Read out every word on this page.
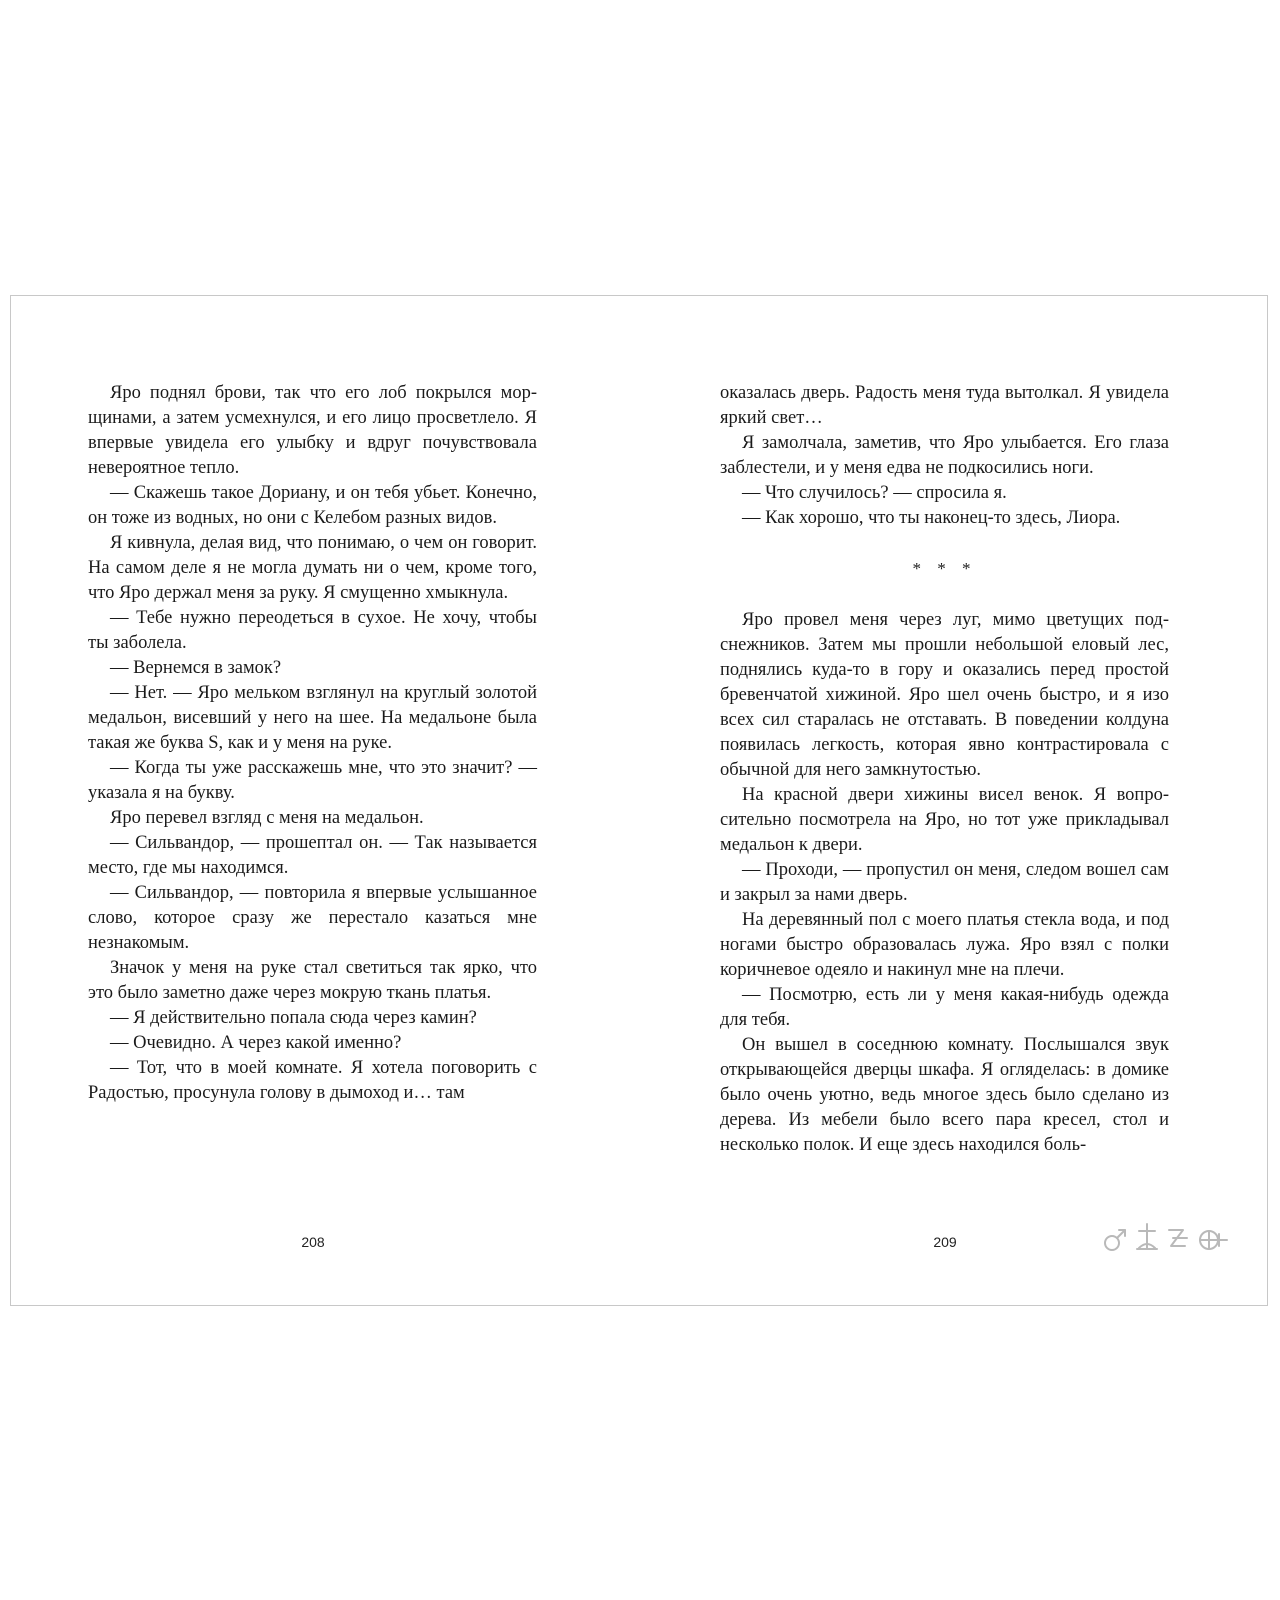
Яро поднял брови, так что его лоб покрылся морщинами, а затем усмехнулся, и его лицо просветлело. Я впервые увидела его улыбку и вдруг почувствовала невероятное тепло.

— Скажешь такое Дориану, и он тебя убьет. Конечно, он тоже из водных, но они с Келебом разных видов.

Я кивнула, делая вид, что понимаю, о чем он говорит. На самом деле я не могла думать ни о чем, кроме того, что Яро держал меня за руку. Я смущенно хмыкнула.

— Тебе нужно переодеться в сухое. Не хочу, чтобы ты заболела.

— Вернемся в замок?

— Нет. — Яро мельком взглянул на круглый золотой медальон, висевший у него на шее. На медальоне была такая же буква S, как и у меня на руке.

— Когда ты уже расскажешь мне, что это значит? — указала я на букву.

Яро перевел взгляд с меня на медальон.

— Сильвандор, — прошептал он. — Так называется место, где мы находимся.

— Сильвандор, — повторила я впервые услышанное слово, которое сразу же перестало казаться мне незнакомым.

Значок у меня на руке стал светиться так ярко, что это было заметно даже через мокрую ткань платья.

— Я действительно попала сюда через камин?

— Очевидно. А через какой именно?

— Тот, что в моей комнате. Я хотела поговорить с Радостью, просунула голову в дымоход и… там

оказалась дверь. Радость меня туда вытолкал. Я увидела яркий свет…

Я замолчала, заметив, что Яро улыбается. Его глаза заблестели, и у меня едва не подкосились ноги.

— Что случилось? — спросила я.

— Как хорошо, что ты наконец-то здесь, Лиора.

* * *

Яро провел меня через луг, мимо цветущих подснежников. Затем мы прошли небольшой еловый лес, поднялись куда-то в гору и оказались перед простой бревенчатой хижиной. Яро шел очень быстро, и я изо всех сил старалась не отставать. В поведении колдуна появилась легкость, которая явно контрастировала с обычной для него замкнутостью.

На красной двери хижины висел венок. Я вопросительно посмотрела на Яро, но тот уже прикладывал медальон к двери.

— Проходи, — пропустил он меня, следом вошел сам и закрыл за нами дверь.

На деревянный пол с моего платья стекла вода, и под ногами быстро образовалась лужа. Яро взял с полки коричневое одеяло и накинул мне на плечи.

— Посмотрю, есть ли у меня какая-нибудь одежда для тебя.

Он вышел в соседнюю комнату. Послышался звук открывающейся дверцы шкафа. Я огляделась: в домике было очень уютно, ведь многое здесь было сделано из дерева. Из мебели было всего пара кресел, стол и несколько полок. И еще здесь находился боль-

208	209
